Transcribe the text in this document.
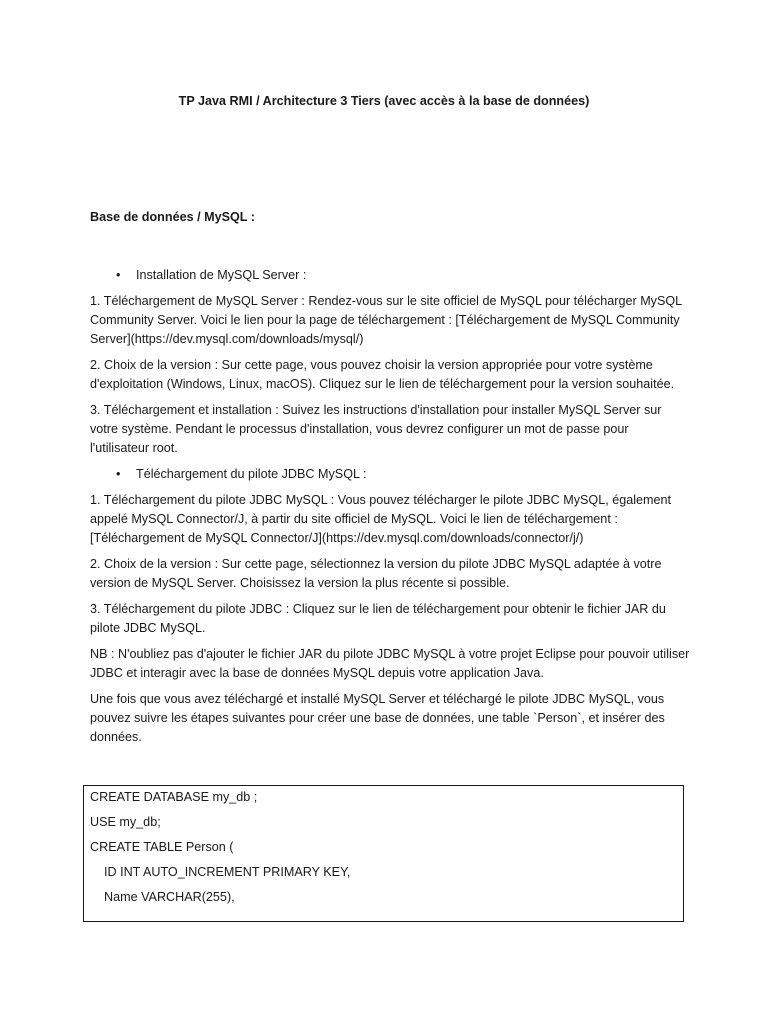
TP Java RMI / Architecture 3 Tiers (avec accès à la base de données)
Base de données / MySQL :
• Installation de MySQL Server :

1. Téléchargement de MySQL Server : Rendez-vous sur le site officiel de MySQL pour télécharger MySQL Community Server. Voici le lien pour la page de téléchargement : [Téléchargement de MySQL Community Server](https://dev.mysql.com/downloads/mysql/)

2. Choix de la version : Sur cette page, vous pouvez choisir la version appropriée pour votre système d'exploitation (Windows, Linux, macOS). Cliquez sur le lien de téléchargement pour la version souhaitée.

3. Téléchargement et installation : Suivez les instructions d'installation pour installer MySQL Server sur votre système. Pendant le processus d'installation, vous devrez configurer un mot de passe pour l'utilisateur root.

• Téléchargement du pilote JDBC MySQL :

1. Téléchargement du pilote JDBC MySQL : Vous pouvez télécharger le pilote JDBC MySQL, également appelé MySQL Connector/J, à partir du site officiel de MySQL. Voici le lien de téléchargement : [Téléchargement de MySQL Connector/J](https://dev.mysql.com/downloads/connector/j/)

2. Choix de la version : Sur cette page, sélectionnez la version du pilote JDBC MySQL adaptée à votre version de MySQL Server. Choisissez la version la plus récente si possible.

3. Téléchargement du pilote JDBC : Cliquez sur le lien de téléchargement pour obtenir le fichier JAR du pilote JDBC MySQL.

NB : N'oubliez pas d'ajouter le fichier JAR du pilote JDBC MySQL à votre projet Eclipse pour pouvoir utiliser JDBC et interagir avec la base de données MySQL depuis votre application Java.

Une fois que vous avez téléchargé et installé MySQL Server et téléchargé le pilote JDBC MySQL, vous pouvez suivre les étapes suivantes pour créer une base de données, une table `Person`, et insérer des données.

CREATE DATABASE my_db ;
USE my_db;
CREATE TABLE Person (
ID INT AUTO_INCREMENT PRIMARY KEY,
Name VARCHAR(255),
